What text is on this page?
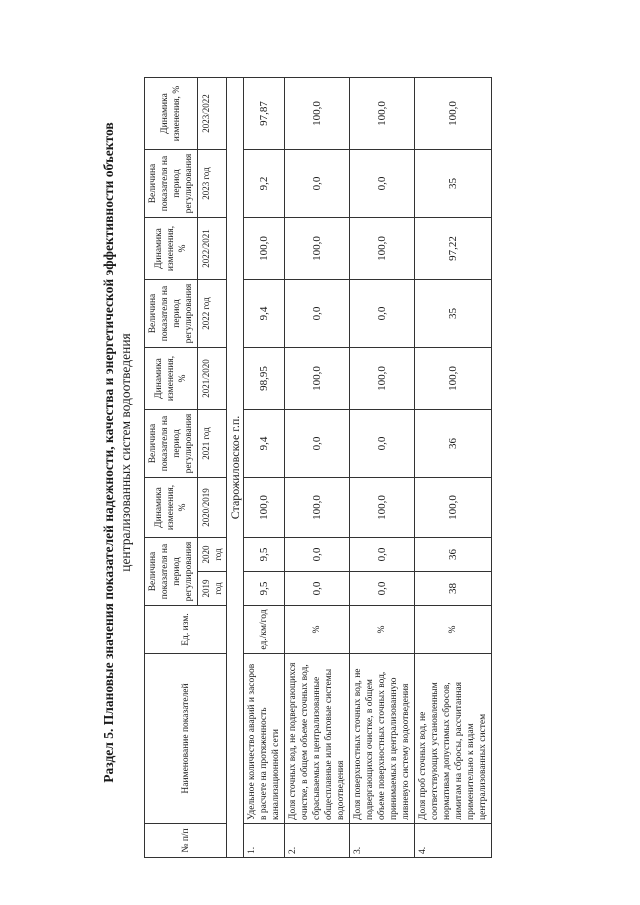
Раздел 5. Плановые значения показателей надежности, качества и энергетической эффективности объектов централизованных систем водоотведения

№ п/п	Наименование показателей	Ед. изм.	Величина показателя на период регулирования		Динамика изменения, %	Величина показателя на период регулирования	Динамика изменения, %	Величина показателя на период регулирования	Динамика изменения, %	Величина показателя на период регулирования	Динамика изменения, %
			2019 год	2020 год	2020/2019	2021 год	2021/2020	2022 год	2022/2021	2023 год	2023/2022
Старожиловское г.п.											
1.	Удельное количество аварий и засоров в расчете на протяженность канализационной сети	ед./км/год	9,5	9,5	100,0	9,4	98,95	9,4	100,0	9,2	97,87
2.	Доля сточных вод, не подвергающихся очистке, в общем объеме сточных вод, сбрасываемых в централизованные общесплавные или бытовые системы водоотведения	%	0,0	0,0	100,0	0,0	100,0	0,0	100,0	0,0	100,0
3.	Доля поверхностных сточных вод, не подвергающихся очистке, в общем объеме поверхностных сточных вод, принимаемых в централизованную ливневую систему водоотведения	%	0,0	0,0	100,0	0,0	100,0	0,0	100,0	0,0	100,0
4.	Доля проб сточных вод, не соответствующих установленным нормативам допустимых сбросов, лимитам на сбросы, рассчитанная применительно к видам централизованных систем	%	38	36	100,0	36	100,0	35	97,22	35	100,0
